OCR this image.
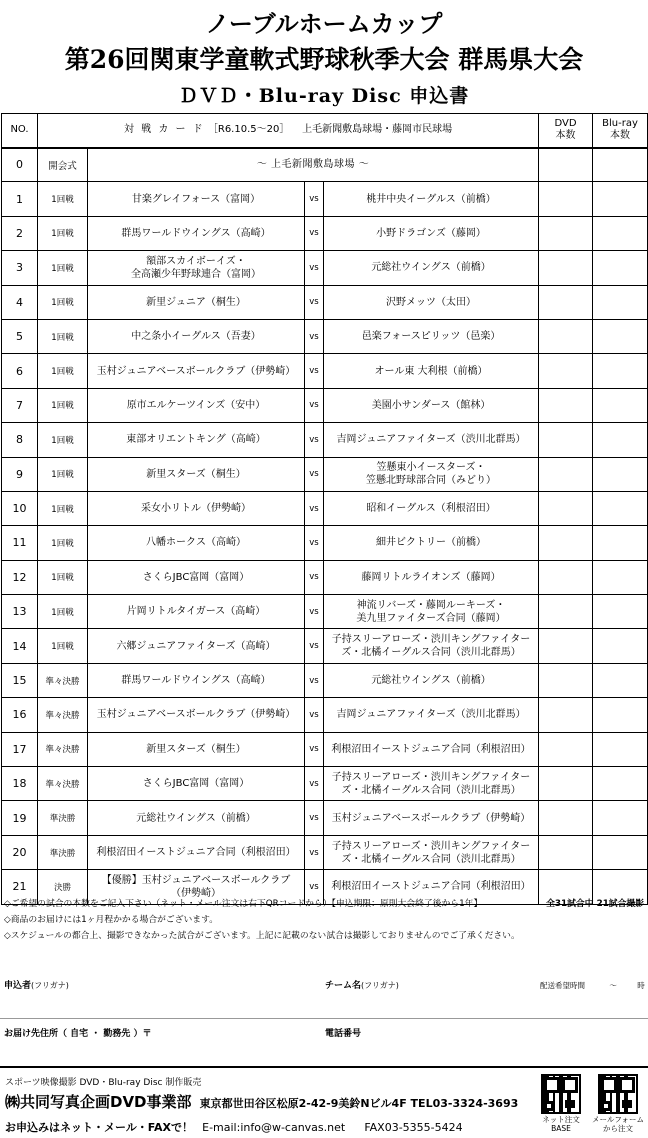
ノーブルホームカップ
第26回関東学童軟式野球秋季大会 群馬県大会
ＤＶＤ・Blu-ray Disc 申込書
NO.	対 戦 カ ー ド ［R6.10.5～20］ 上毛新聞敷島球場・藤岡市民球場				DVD
本数	Blu-ray
本数
0	開会式	～ 上毛新聞敷島球場 ～				
1	1回戦	甘楽グレイフォース（富岡）	vs	桃井中央イーグルス（前橋）		
2	1回戦	群馬ワールドウイングス（高崎）	vs	小野ドラゴンズ（藤岡）		
3	1回戦	額部スカイボーイズ・
全高瀬少年野球連合（富岡）	vs	元総社ウイングス（前橋）		
4	1回戦	新里ジュニア（桐生）	vs	沢野メッツ（太田）		
5	1回戦	中之条小イーグルス（吾妻）	vs	邑楽フォースピリッツ（邑楽）		
6	1回戦	玉村ジュニアベースボールクラブ（伊勢崎）	vs	オール東 大利根（前橋）		
7	1回戦	原市エルケーツインズ（安中）	vs	美園小サンダース（館林）		
8	1回戦	東部オリエントキング（高崎）	vs	吉岡ジュニアファイターズ（渋川北群馬）		
9	1回戦	新里スターズ（桐生）	vs	笠懸東小イースターズ・
笠懸北野球部合同（みどり）		
10	1回戦	采女小リトル（伊勢崎）	vs	昭和イーグルス（利根沼田）		
11	1回戦	八幡ホークス（高崎）	vs	細井ビクトリー（前橋）		
12	1回戦	さくらJBC富岡（富岡）	vs	藤岡リトルライオンズ（藤岡）		
13	1回戦	片岡リトルタイガース（高崎）	vs	神流リバーズ・藤岡ルーキーズ・
美九里ファイターズ合同（藤岡）		
14	1回戦	六郷ジュニアファイターズ（高崎）	vs	子持スリーアローズ・渋川キングファイター
ズ・北橘イーグルス合同（渋川北群馬）		
15	準々決勝	群馬ワールドウイングス（高崎）	vs	元総社ウイングス（前橋）		
16	準々決勝	玉村ジュニアベースボールクラブ（伊勢崎）	vs	吉岡ジュニアファイターズ（渋川北群馬）		
17	準々決勝	新里スターズ（桐生）	vs	利根沼田イーストジュニア合同（利根沼田）		
18	準々決勝	さくらJBC富岡（富岡）	vs	子持スリーアローズ・渋川キングファイター
ズ・北橘イーグルス合同（渋川北群馬）		
19	準決勝	元総社ウイングス（前橋）	vs	玉村ジュニアベースボールクラブ（伊勢崎）		
20	準決勝	利根沼田イーストジュニア合同（利根沼田）	vs	子持スリーアローズ・渋川キングファイター
ズ・北橘イーグルス合同（渋川北群馬）		
21	決勝	【優勝】玉村ジュニアベースボールクラブ
（伊勢崎）	vs	利根沼田イーストジュニア合同（利根沼田）		
◇ご希望の試合の本数をご記入下さい（ネット・メール注文は右下QRコードから）【申込期限：原則大会終了後から1年】	全31試合中 21試合撮影
◇商品のお届けには1ヶ月程かかる場合がございます。
◇スケジュールの都合上、撮影できなかった試合がございます。上記に記載のない試合は撮影しておりませんのでご了承ください。
申込者(フリガナ)	チーム名(フリガナ)	配送希望時間	～	時
お届け先住所（ 自宅 ・ 勤務先 ）〒	電話番号
スポーツ映像撮影 DVD・Blu-ray Disc 制作販売
㈱共同写真企画DVD事業部 東京都世田谷区松原2-42-9美鈴Nビル4F TEL03-3324-3693
お申込みはネット・メール・FAXで！ E-mail:info@w-canvas.net FAX03-5355-5424
ネット注文
BASE
メールフォーム
から注文
